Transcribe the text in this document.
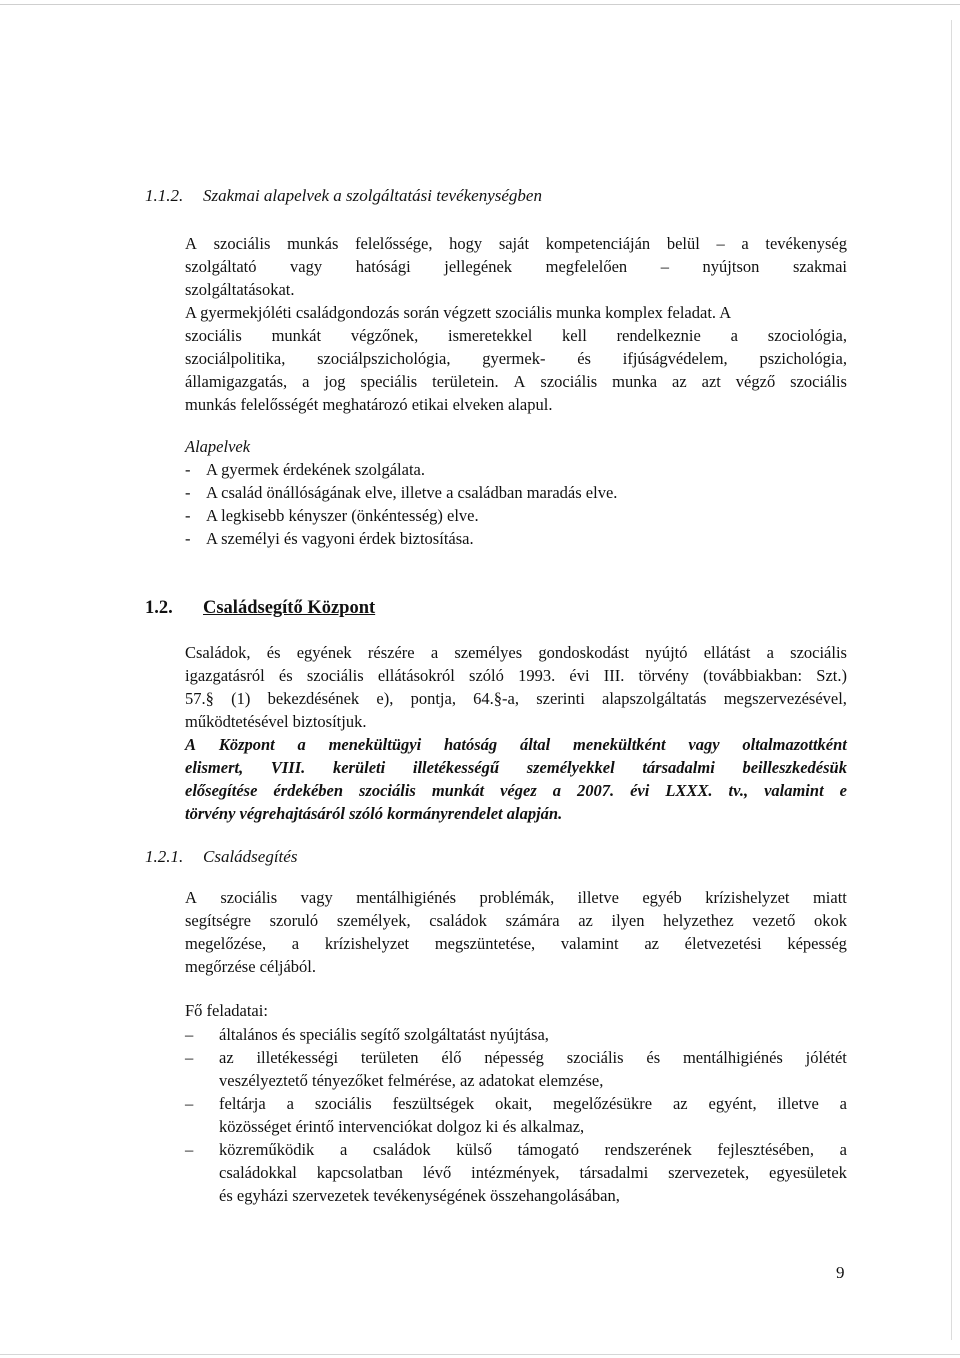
1.1.2. Szakmai alapelvek a szolgáltatási tevékenységben
A szociális munkás felelőssége, hogy saját kompetenciáján belül – a tevékenység
szolgáltató vagy hatósági jellegének megfelelően – nyújtson szakmai
szolgáltatásokat.
A gyermekjóléti családgondozás során végzett szociális munka komplex feladat. A
szociális munkát végzőnek, ismeretekkel kell rendelkeznie a szociológia,
szociálpolitika, szociálpszichológia, gyermek- és ifjúságvédelem, pszichológia,
államigazgatás, a jog speciális területein. A szociális munka az azt végző szociális
munkás felelősségét meghatározó etikai elveken alapul.
Alapelvek
- A gyermek érdekének szolgálata.
- A család önállóságának elve, illetve a családban maradás elve.
- A legkisebb kényszer (önkéntesség) elve.
- A személyi és vagyoni érdek biztosítása.
1.2. Családsegítő Központ
Családok, és egyének részére a személyes gondoskodást nyújtó ellátást a szociális
igazgatásról és szociális ellátásokról szóló 1993. évi III. törvény (továbbiakban: Szt.)
57.§ (1) bekezdésének e), pontja, 64.§-a, szerinti alapszolgáltatás megszervezésével,
működtetésével biztosítjuk.
A Központ a menekültügyi hatóság által menekültként vagy oltalmazottként
elismert, VIII. kerületi illetékességű személyekkel társadalmi beilleszkedésük
elősegítése érdekében szociális munkát végez a 2007. évi LXXX. tv., valamint e
törvény végrehajtásáról szóló kormányrendelet alapján.
1.2.1. Családsegítés
A szociális vagy mentálhigiénés problémák, illetve egyéb krízishelyzet miatt
segítségre szoruló személyek, családok számára az ilyen helyzethez vezető okok
megelőzése, a krízishelyzet megszüntetése, valamint az életvezetési képesség
megőrzése céljából.
Fő feladatai:
– általános és speciális segítő szolgáltatást nyújtása,
– az illetékességi területen élő népesség szociális és mentálhigiénés jólétét
veszélyeztető tényezőket felmérése, az adatokat elemzése,
– feltárja a szociális feszültségek okait, megelőzésükre az egyént, illetve a
közösséget érintő intervenciókat dolgoz ki és alkalmaz,
– közreműködik a családok külső támogató rendszerének fejlesztésében, a
családokkal kapcsolatban lévő intézmények, társadalmi szervezetek, egyesületek
és egyházi szervezetek tevékenységének összehangolásában,
9
